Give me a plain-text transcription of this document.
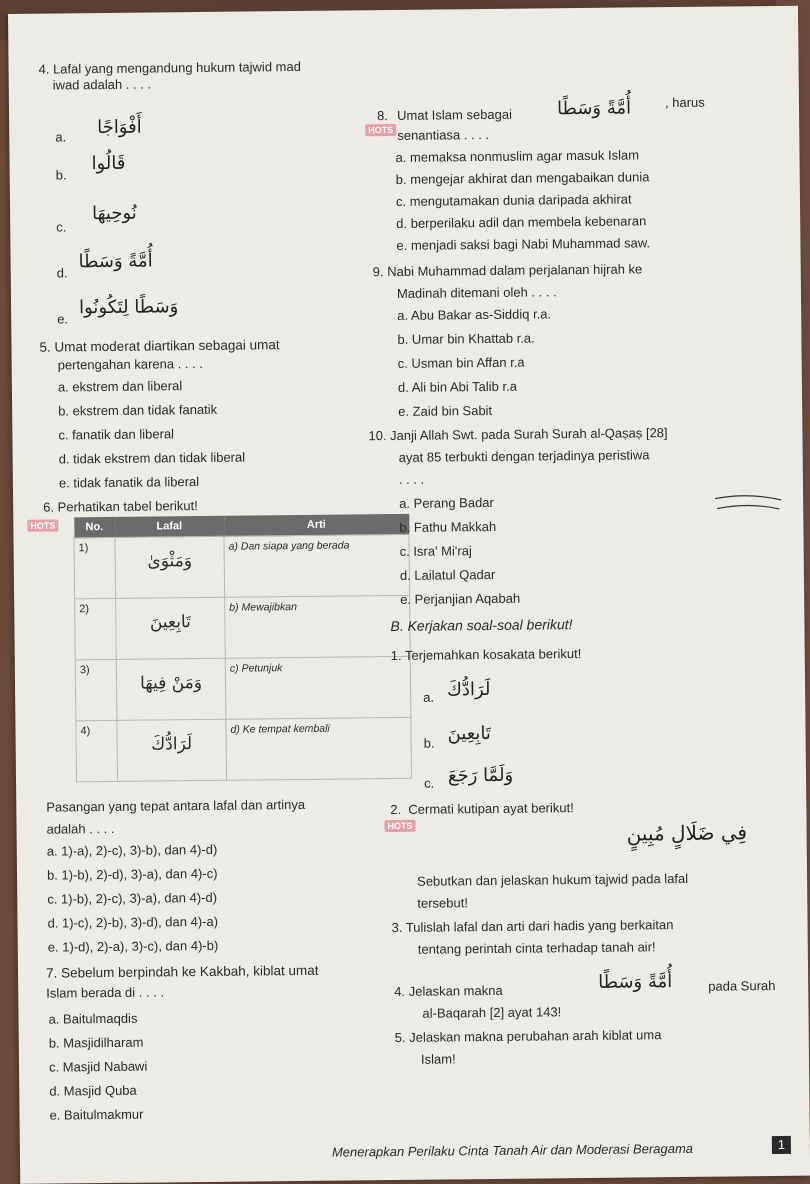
4. Lafal yang mengandung hukum tajwid mad
iwad adalah . . . .
a. أَفْوَاجًا
b.
قَالُوا
c.
نُوحِيهَا
d.
أُمَّةً وَسَطًا
e.
وَسَطًا لِتَكُونُوا
5. Umat moderat diartikan sebagai umat
pertengahan karena . . . .
a. ekstrem dan liberal
b. ekstrem dan tidak fanatik
c. fanatik dan liberal
d. tidak ekstrem dan tidak liberal
e. tidak fanatik da liberal
6. Perhatikan tabel berikut!
HOTS	No.	Lafal	Arti
1)	وَمَثْوَىٰ	a) Dan siapa yang berada
2)	تَابِعِينَ	b) Mewajibkan
3)	وَمَنْ فِيهَا	c) Petunjuk
4)	لَرَادُّكَ	d) Ke tempat kembali
Pasangan yang tepat antara lafal dan artinya
adalah . . . .
a. 1)-a), 2)-c), 3)-b), dan 4)-d)
b. 1)-b), 2)-d), 3)-a), dan 4)-c)
c. 1)-b), 2)-c), 3)-a), dan 4)-d)
d. 1)-c), 2)-b), 3)-d), dan 4)-a)
e. 1)-d), 2)-a), 3)-c), dan 4)-b)
7. Sebelum berpindah ke Kakbah, kiblat umat
Islam berada di . . . .
a. Baitulmaqdis
b. Masjidilharam
c. Masjid Nabawi
d. Masjid Quba
e. Baitulmakmur
8.
HOTS
Umat Islam sebagai أُمَّةً وَسَطًا	, harus
senantiasa . . . .
a. memaksa nonmuslim agar masuk Islam
b. mengejar akhirat dan mengabaikan dunia
c. mengutamakan dunia daripada akhirat
d. berperilaku adil dan membela kebenaran
e. menjadi saksi bagi Nabi Muhammad saw.
9. Nabi Muhammad dalam perjalanan hijrah ke
Madinah ditemani oleh . . . .
a. Abu Bakar as-Siddiq r.a.
b. Umar bin Khattab r.a.
c. Usman bin Affan r.a
d. Ali bin Abi Talib r.a
e. Zaid bin Sabit
10. Janji Allah Swt. pada Surah Surah al-Qaṣaṣ [28]
ayat 85 terbukti dengan terjadinya peristiwa
. . . .
a. Perang Badar
b. Fathu Makkah
c. Isra' Mi'raj
d. Lailatul Qadar
e. Perjanjian Aqabah
B. Kerjakan soal-soal berikut!
1. Terjemahkan kosakata berikut!
a. لَرَادُّكَ
b. تَابِعِينَ
c. وَلَمَّا رَجَعَ
2.
HOTS
Cermati kutipan ayat berikut!
فِي ضَلَالٍ مُبِينٍ
Sebutkan dan jelaskan hukum tajwid pada lafal
tersebut!
3. Tulislah lafal dan arti dari hadis yang berkaitan
tentang perintah cinta terhadap tanah air!
4. Jelaskan makna	أُمَّةً وَسَطًا	pada Surah
al-Baqarah [2] ayat 143!
5. Jelaskan makna perubahan arah kiblat uma
Islam!
Menerapkan Perilaku Cinta Tanah Air dan Moderasi Beragama	1
